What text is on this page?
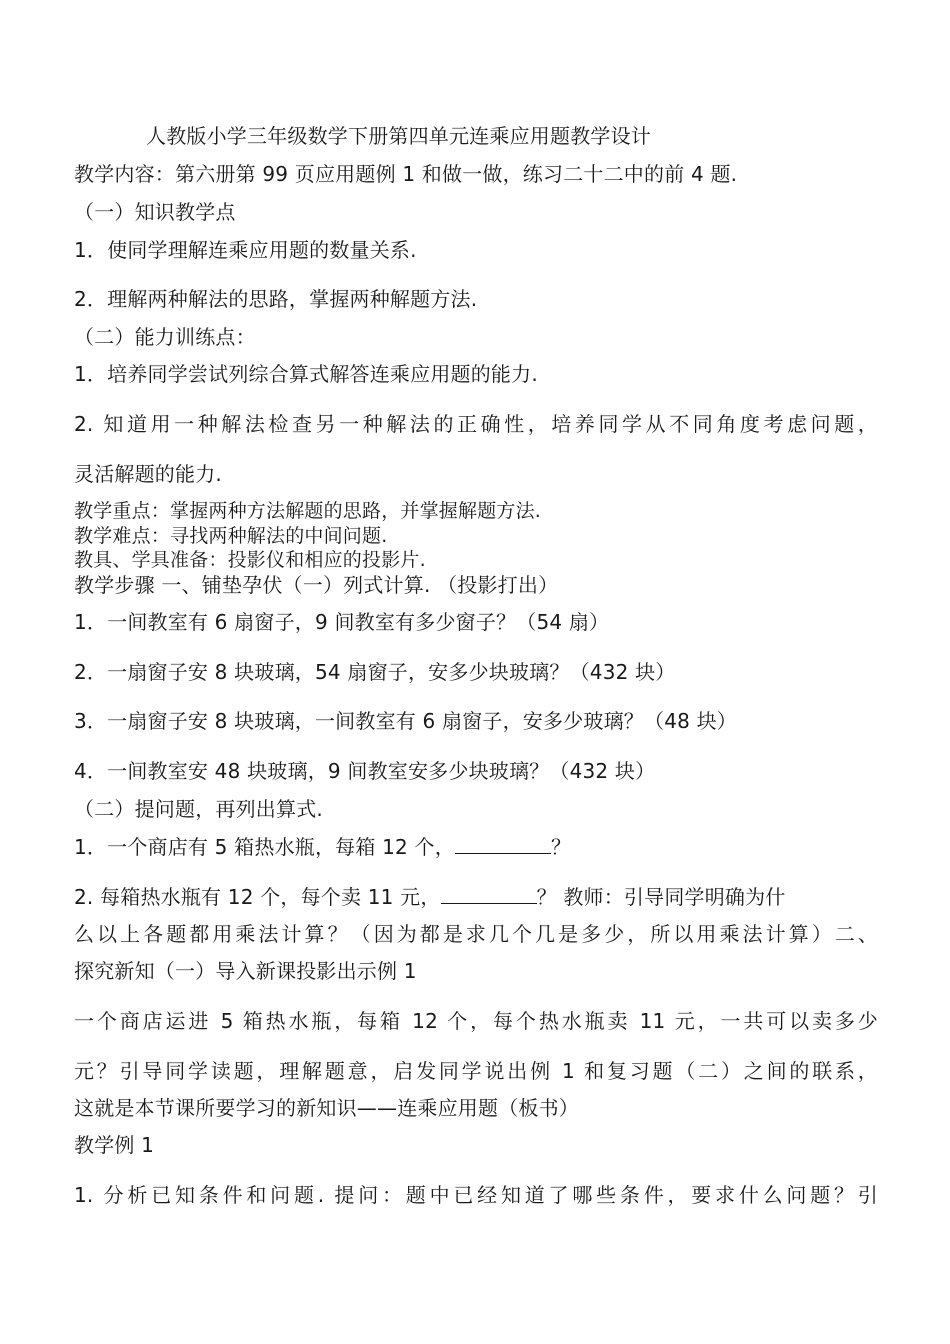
人教版小学三年级数学下册第四单元连乘应用题教学设计
教学内容：第六册第 99 页应用题例 1 和做一做，练习二十二中的前 4 题.
（一）知识教学点
1．使同学理解连乘应用题的数量关系.
2．理解两种解法的思路，掌握两种解题方法.
（二）能力训练点：
1．培养同学尝试列综合算式解答连乘应用题的能力.
2. 知道用一种解法检查另一种解法的正确性，培养同学从不同角度考虑问题，
灵活解题的能力.
教学重点：掌握两种方法解题的思路，并掌握解题方法.
教学难点：寻找两种解法的中间问题.
教具、学具准备：投影仪和相应的投影片.
教学步骤 一、铺垫孕伏（一）列式计算. （投影打出）
1．一间教室有 6 扇窗子，9 间教室有多少窗子？（54 扇）
2．一扇窗子安 8 块玻璃，54 扇窗子，安多少块玻璃？（432 块）
3．一扇窗子安 8 块玻璃，一间教室有 6 扇窗子，安多少玻璃？（48 块）
4．一间教室安 48 块玻璃，9 间教室安多少块玻璃？（432 块）
（二）提问题，再列出算式.
1．一个商店有 5 箱热水瓶，每箱 12 个，	？
2. 每箱热水瓶有 12 个，每个卖 11 元，	？ 教师：引导同学明确为什
么以上各题都用乘法计算？（因为都是求几个几是多少，所以用乘法计算）二、
探究新知（一）导入新课投影出示例 1
一个商店运进 5 箱热水瓶，每箱 12 个，每个热水瓶卖 11 元，一共可以卖多少
元？引导同学读题，理解题意，启发同学说出例 1 和复习题（二）之间的联系，
这就是本节课所要学习的新知识——连乘应用题（板书）
教学例 1
1. 分析已知条件和问题. 提问：题中已经知道了哪些条件，要求什么问题？引
